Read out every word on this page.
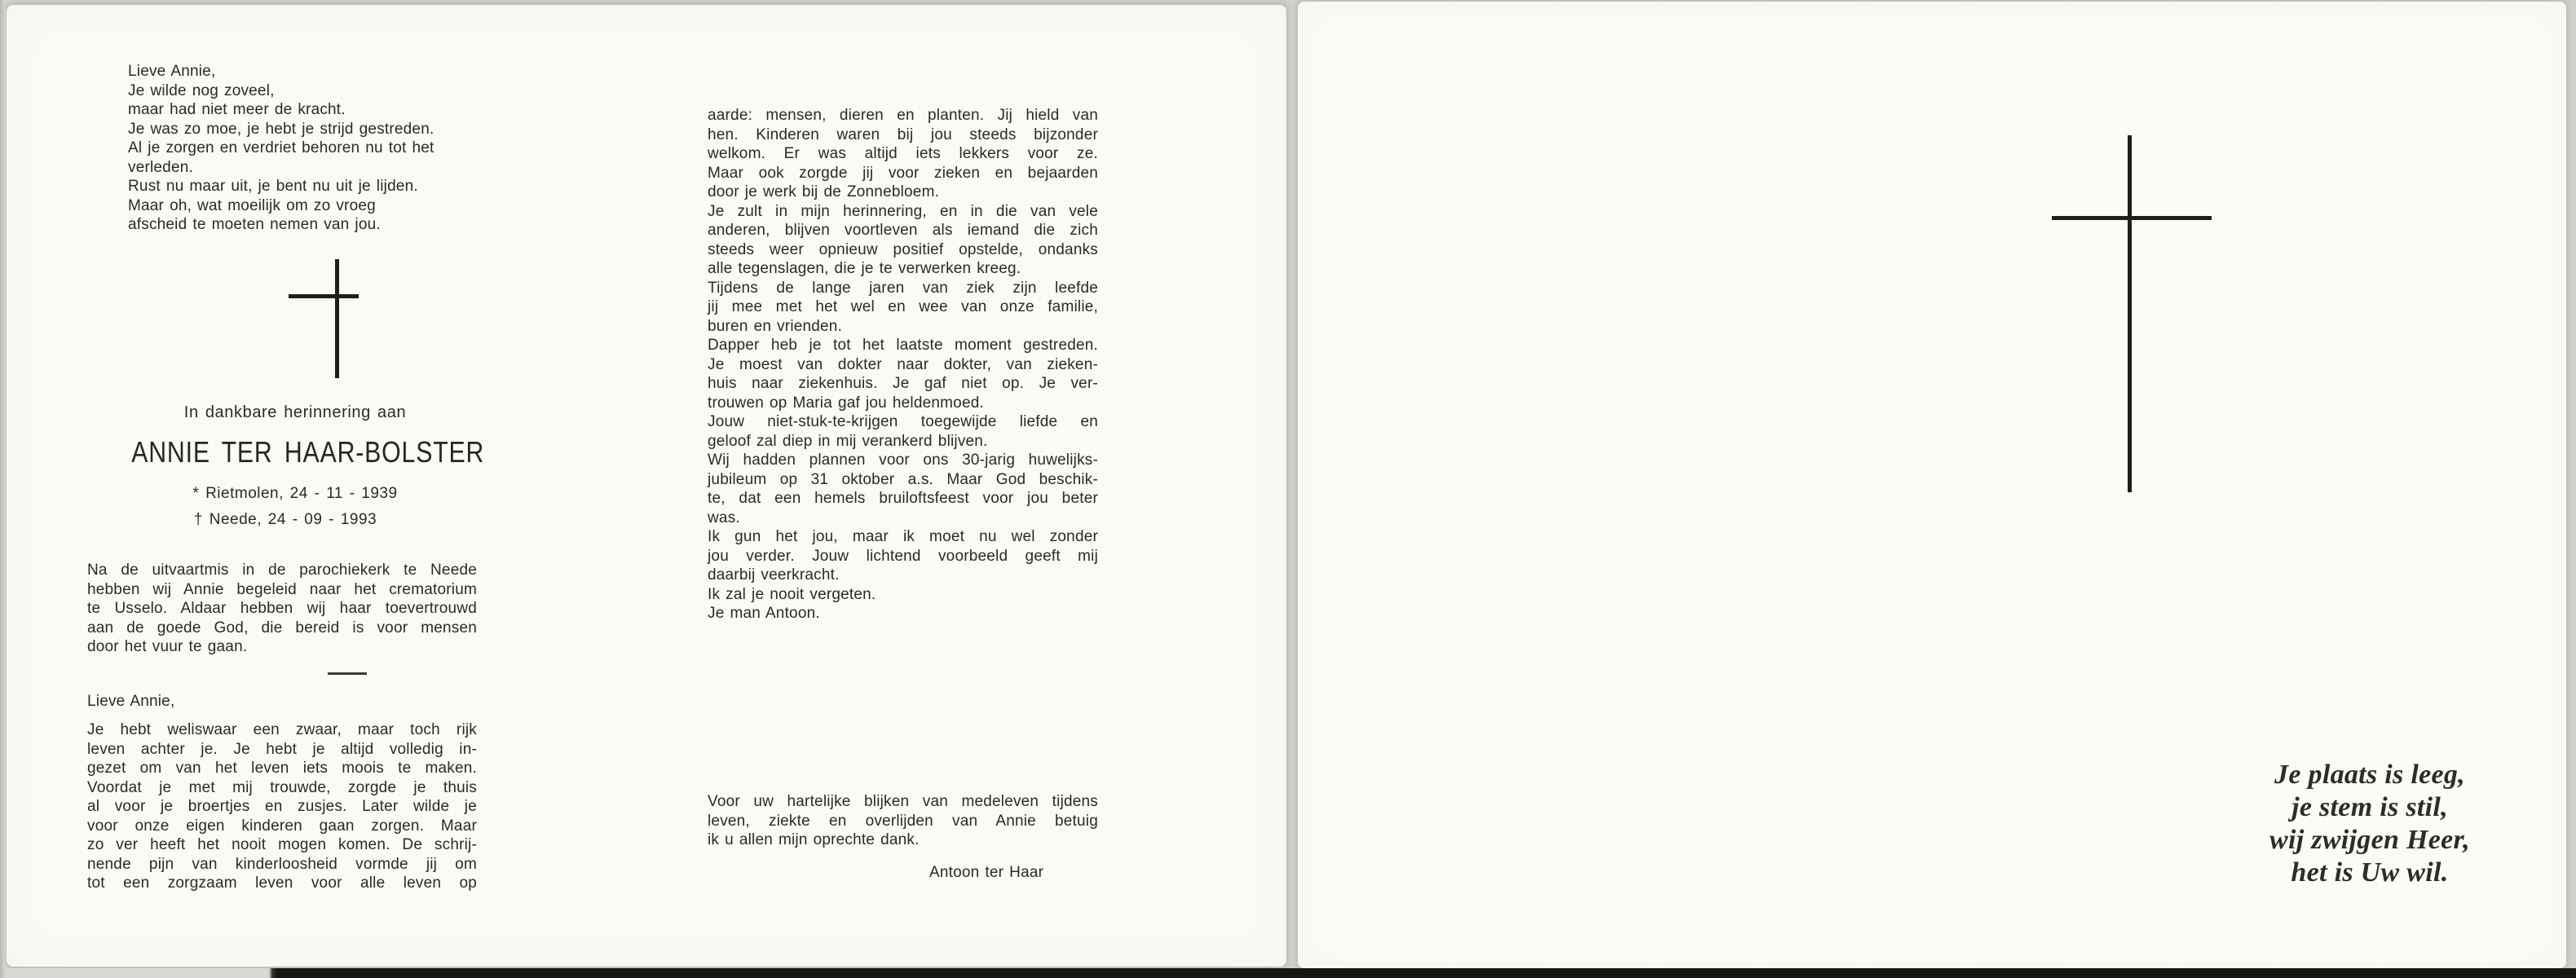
Lieve Annie,
Je wilde nog zoveel,
maar had niet meer de kracht.
Je was zo moe, je hebt je strijd gestreden.
Al je zorgen en verdriet behoren nu tot het
verleden.
Rust nu maar uit, je bent nu uit je lijden.
Maar oh, wat moeilijk om zo vroeg
afscheid te moeten nemen van jou.
In dankbare herinnering aan
ANNIE TER HAAR-BOLSTER
* Rietmolen, 24 - 11 - 1939
† Neede, 24 - 09 - 1993
Na de uitvaartmis in de parochiekerk te Neede
hebben wij Annie begeleid naar het crematorium
te Usselo. Aldaar hebben wij haar toevertrouwd
aan de goede God, die bereid is voor mensen
door het vuur te gaan.
Lieve Annie,
Je hebt weliswaar een zwaar, maar toch rijk
leven achter je. Je hebt je altijd volledig in-
gezet om van het leven iets moois te maken.
Voordat je met mij trouwde, zorgde je thuis
al voor je broertjes en zusjes. Later wilde je
voor onze eigen kinderen gaan zorgen. Maar
zo ver heeft het nooit mogen komen. De schrij-
nende pijn van kinderloosheid vormde jij om
tot een zorgzaam leven voor alle leven op
aarde: mensen, dieren en planten. Jij hield van
hen. Kinderen waren bij jou steeds bijzonder
welkom. Er was altijd iets lekkers voor ze.
Maar ook zorgde jij voor zieken en bejaarden
door je werk bij de Zonnebloem.
Je zult in mijn herinnering, en in die van vele
anderen, blijven voortleven als iemand die zich
steeds weer opnieuw positief opstelde, ondanks
alle tegenslagen, die je te verwerken kreeg.
Tijdens de lange jaren van ziek zijn leefde
jij mee met het wel en wee van onze familie,
buren en vrienden.
Dapper heb je tot het laatste moment gestreden.
Je moest van dokter naar dokter, van zieken-
huis naar ziekenhuis. Je gaf niet op. Je ver-
trouwen op Maria gaf jou heldenmoed.
Jouw niet-stuk-te-krijgen toegewijde liefde en
geloof zal diep in mij verankerd blijven.
Wij hadden plannen voor ons 30-jarig huwelijks-
jubileum op 31 oktober a.s. Maar God beschik-
te, dat een hemels bruiloftsfeest voor jou beter
was.
Ik gun het jou, maar ik moet nu wel zonder
jou verder. Jouw lichtend voorbeeld geeft mij
daarbij veerkracht.
Ik zal je nooit vergeten.
Je man Antoon.
Voor uw hartelijke blijken van medeleven tijdens
leven, ziekte en overlijden van Annie betuig
ik u allen mijn oprechte dank.
Antoon ter Haar
Je plaats is leeg,
je stem is stil,
wij zwijgen Heer,
het is Uw wil.
